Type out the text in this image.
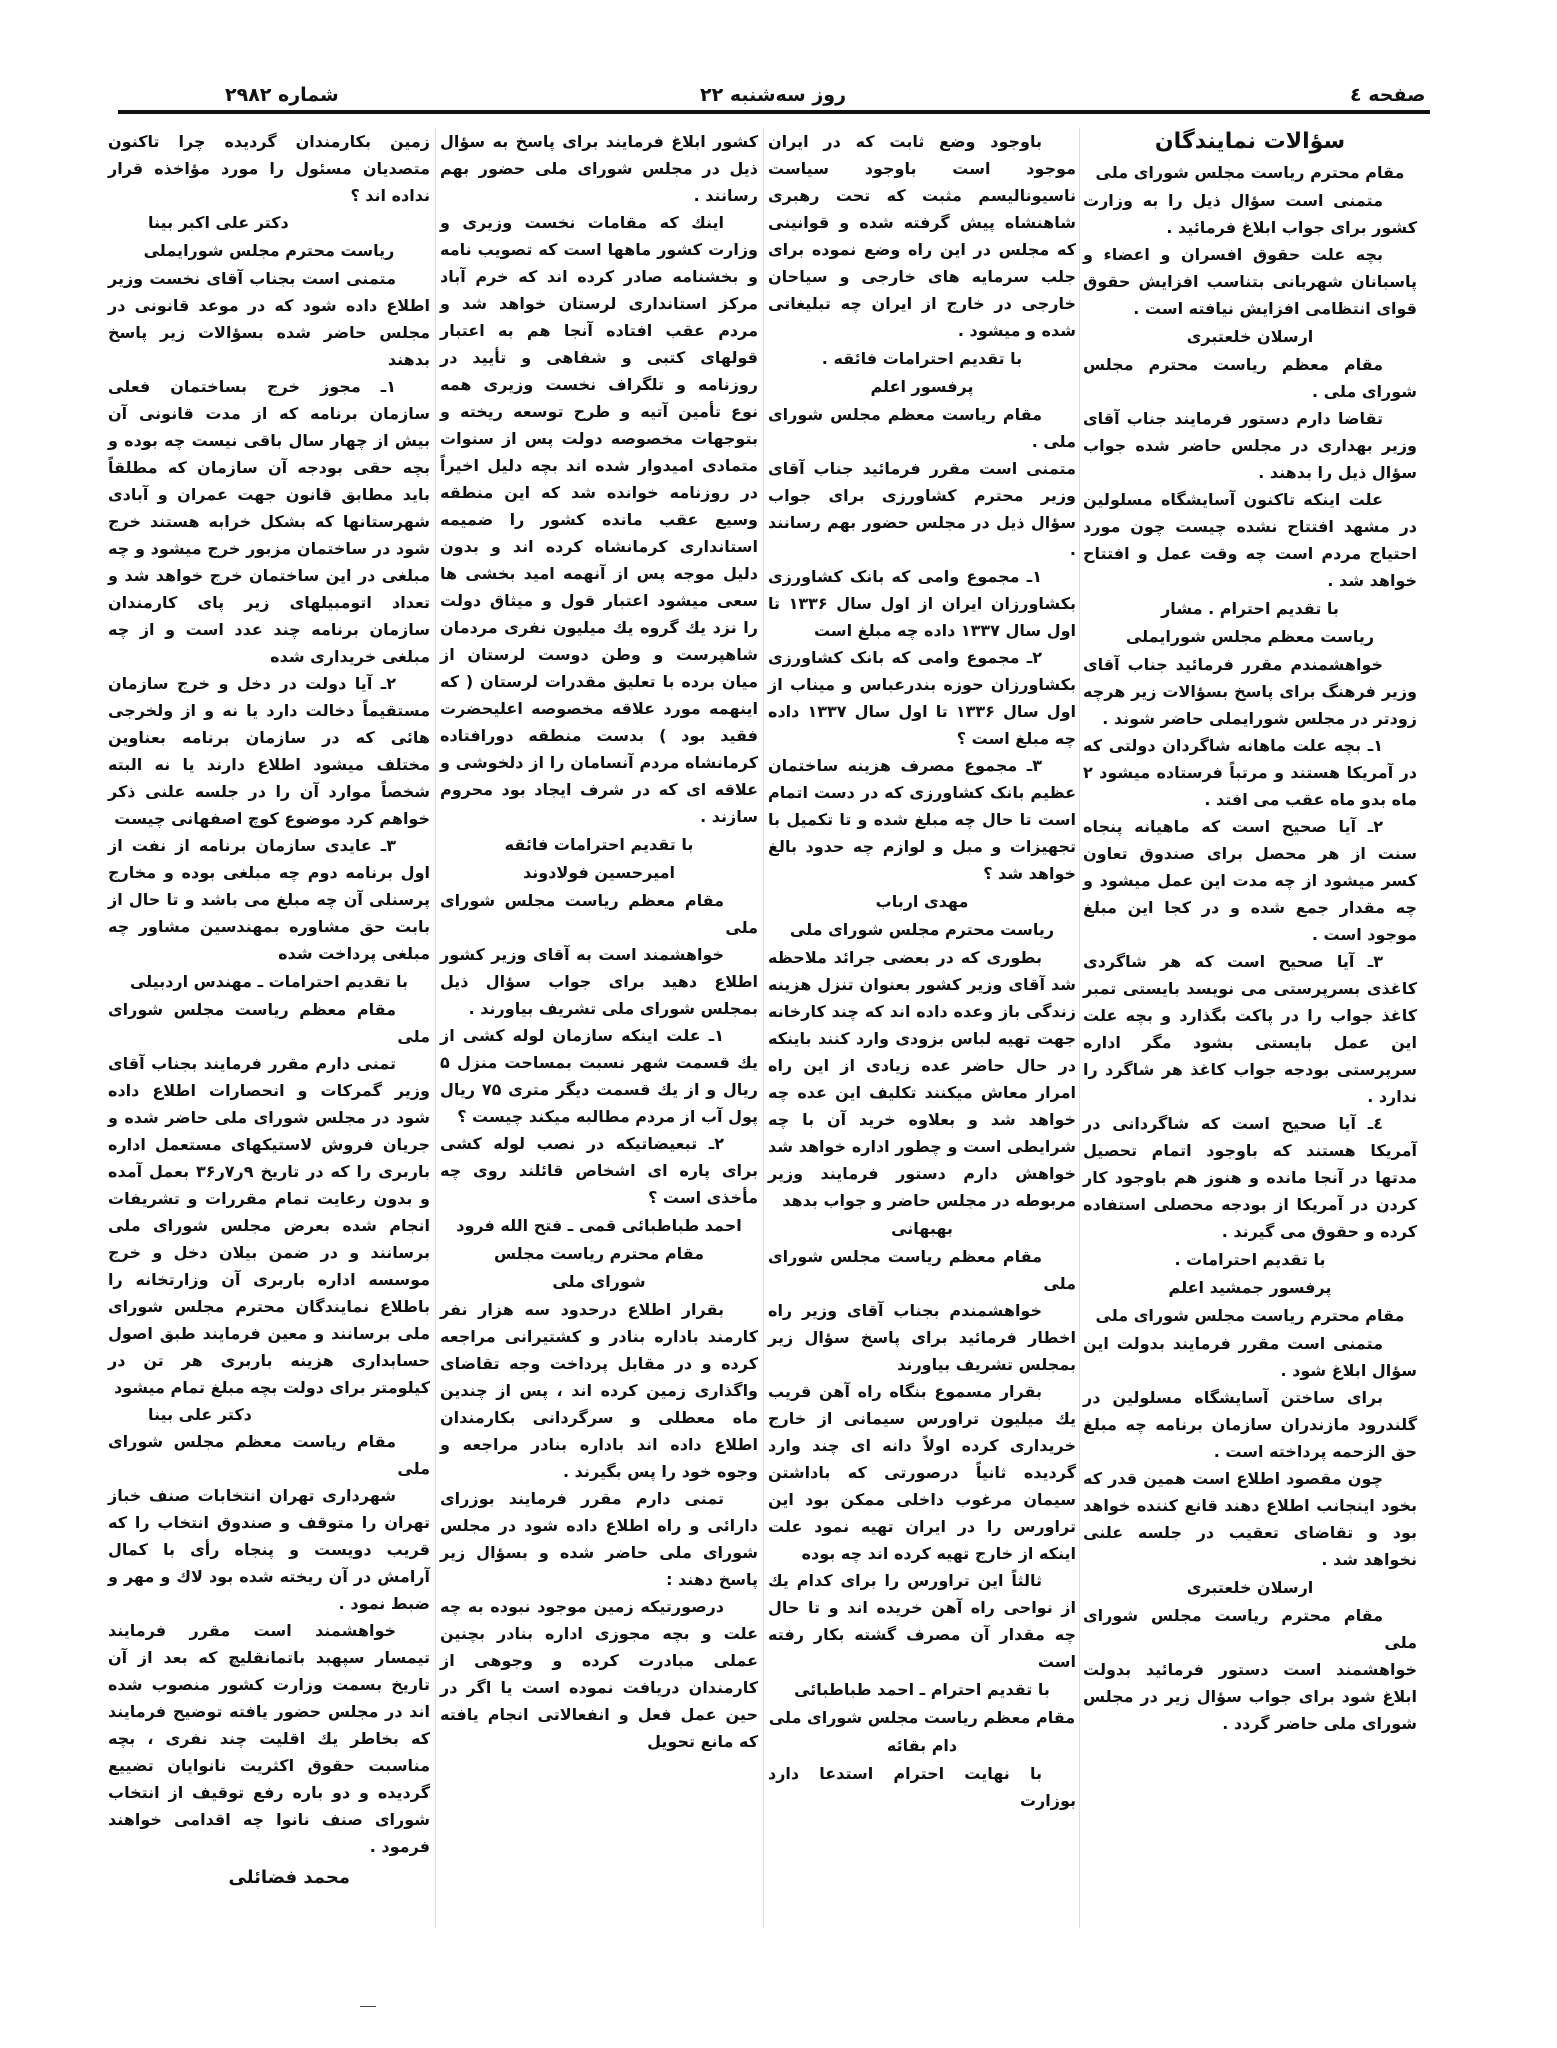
صفحه ٤
روز سه‌شنبه ۲۲
شماره ۲۹۸۲

سؤالات نمایندگان

مقام محترم ریاست مجلس شورای ملی

متمنی است سؤال ذیل را به وزارت کشور برای جواب ابلاغ فرمائید .

بچه علت حقوق افسران و اعضاء و پاسبانان شهربانی بتناسب افزایش حقوق قوای انتظامی افزایش نیافته است .

ارسلان خلعتبری

مقام معظم ریاست محترم مجلس شورای ملی .

تقاضا دارم دستور فرمایند جناب آقای وزیر بهداری در مجلس حاضر شده جواب سؤال ذیل را بدهند .

علت اینکه تاکنون آسایشگاه مسلولین در مشهد افتتاح نشده چیست چون مورد احتیاج مردم است چه وقت عمل و افتتاح خواهد شد .

با تقدیم احترام . مشار

ریاست معظم مجلس شورایملی

خواهشمندم مقرر فرمائید جناب آقای وزیر فرهنگ برای پاسخ بسؤالات زیر هرچه زودتر در مجلس شورایملی حاضر شوند .

۱ـ بچه علت ماهانه شاگردان دولتی که در آمریکا هستند و مرتباً فرستاده میشود ۲ ماه بدو ماه عقب می افتد .

۲ـ آیا صحیح است که ماهیانه پنجاه سنت از هر محصل برای صندوق تعاون کسر میشود از چه مدت این عمل میشود و چه مقدار جمع شده و در کجا این مبلغ موجود است .

۳ـ آیا صحیح است که هر شاگردی کاغذی بسرپرستی می نویسد بایستی تمبر کاغذ جواب را در پاکت بگذارد و بچه علت این عمل بایستی بشود مگر اداره سرپرستی بودجه جواب کاغذ هر شاگرد را ندارد .

٤ـ آیا صحیح است که شاگردانی در آمریکا هستند که باوجود اتمام تحصیل مدتها در آنجا مانده و هنوز هم باوجود کار کردن در آمریکا از بودجه محصلی استفاده کرده و حقوق می گیرند .

با تقدیم احترامات .

پرفسور جمشید اعلم

مقام محترم ریاست مجلس شورای ملی

متمنی است مقرر فرمایند بدولت این سؤال ابلاغ شود .

برای ساختن آسایشگاه مسلولین در گلندرود مازندران سازمان برنامه چه مبلغ حق الزحمه پرداخته است .

چون مقصود اطلاع است همین قدر که بخود اینجانب اطلاع دهند قانع کننده خواهد بود و تقاضای تعقیب در جلسه علنی نخواهد شد .

ارسلان خلعتبری

مقام محترم ریاست مجلس شورای ملی

خواهشمند است دستور فرمائید بدولت ابلاغ شود برای جواب سؤال زیر در مجلس شورای ملی حاضر گردد .

باوجود وضع ثابت که در ایران موجود است باوجود سیاست ناسیونالیسم مثبت که تحت رهبری شاهنشاه پیش گرفته شده و قوانینی که مجلس در این راه وضع نموده برای جلب سرمایه های خارجی و سیاحان خارجی در خارج از ایران چه تبلیغاتی شده و میشود .

با تقدیم احترامات فائقه .

پرفسور اعلم

مقام ریاست معظم مجلس شورای ملی .

متمنی است مقرر فرمائید جناب آقای وزیر محترم کشاورزی برای جواب سؤال ذیل در مجلس حضور بهم رسانند .

۱ـ مجموع وامی که بانک کشاورزی بکشاورزان ایران از اول سال ۱۳۳۶ تا اول سال ۱۳۳۷ داده چه مبلغ است

۲ـ مجموع وامی که بانک کشاورزی بکشاورزان حوزه بندرعباس و میناب از اول سال ۱۳۳۶ تا اول سال ۱۳۳۷ داده چه مبلغ است ؟

۳ـ مجموع مصرف هزینه ساختمان عظیم بانک کشاورزی که در دست اتمام است تا حال چه مبلغ شده و تا تکمیل با تجهیزات و مبل و لوازم چه حدود بالغ خواهد شد ؟

مهدی ارباب

ریاست محترم مجلس شورای ملی

بطوری که در بعضی جرائد ملاحظه شد آقای وزیر کشور بعنوان تنزل هزینه زندگی باز وعده داده اند که چند کارخانه جهت تهیه لباس بزودی وارد کنند باینکه در حال حاضر عده زیادی از این راه امرار معاش میکنند تکلیف این عده چه خواهد شد و بعلاوه خرید آن با چه شرایطی است و چطور اداره خواهد شد خواهش دارم دستور فرمایند وزیر مربوطه در مجلس حاضر و جواب بدهد

بهبهانی

مقام معظم ریاست مجلس شورای ملی

خواهشمندم بجناب آقای وزیر راه اخطار فرمائید برای پاسخ سؤال زیر بمجلس تشریف بیاورند

بقرار مسموع بنگاه راه آهن قریب یك میلیون تراورس سیمانی از خارج خریداری کرده اولاً دانه ای چند وارد گردیده ثانیاً درصورتی که باداشتن سیمان مرغوب داخلی ممکن بود این تراورس را در ایران تهیه نمود علت اینکه از خارج تهیه کرده اند چه بوده

ثالثاً این تراورس را برای کدام یك از نواحی راه آهن خریده اند و تا حال چه مقدار آن مصرف گشته بکار رفته است

با تقدیم احترام ـ احمد طباطبائی

مقام معظم ریاست مجلس شورای ملی

دام بقائه

با نهایت احترام استدعا دارد بوزارت

کشور ابلاغ فرمایند برای پاسخ به سؤال ذیل در مجلس شورای ملی حضور بهم رسانند .

اینك که مقامات نخست وزیری و وزارت کشور ماهها است که تصویب نامه و بخشنامه صادر کرده اند که خرم آباد مرکز استانداری لرستان خواهد شد و مردم عقب افتاده آنجا هم به اعتبار قولهای کتبی و شفاهی و تأیید در روزنامه و تلگراف نخست وزیری همه نوع تأمین آتیه و طرح توسعه ریخته و بتوجهات مخصوصه دولت پس از سنوات متمادی امیدوار شده اند بچه دلیل اخیراً در روزنامه خوانده شد که این منطقه وسیع عقب مانده کشور را ضمیمه استانداری کرمانشاه کرده اند و بدون دلیل موجه پس از آنهمه امید بخشی ها سعی میشود اعتبار قول و میثاق دولت را نزد یك گروه یك میلیون نفری مردمان شاهپرست و وطن دوست لرستان از میان برده با تعلیق مقدرات لرستان ( که اینهمه مورد علاقه مخصوصه اعلیحضرت فقید بود ) بدست منطقه دورافتاده کرمانشاه مردم آنسامان را از دلخوشی و علاقه ای که در شرف ایجاد بود محروم سازند .

با تقدیم احترامات فائقه

امیرحسین فولادوند

مقام معظم ریاست مجلس شورای ملی

خواهشمند است به آقای وزیر کشور اطلاع دهید برای جواب سؤال ذیل بمجلس شورای ملی تشریف بیاورند .

۱ـ علت اینکه سازمان لوله کشی از یك قسمت شهر نسبت بمساحت منزل ۵ ریال و از یك قسمت دیگر متری ۷۵ ریال پول آب از مردم مطالبه میکند چیست ؟

۲ـ تبعیضاتیکه در نصب لوله کشی برای پاره ای اشخاص قائلند روی چه مأخذی است ؟

احمد طباطبائی قمی ـ فتح الله فرود

مقام محترم ریاست مجلس

شورای ملی

بقرار اطلاع درحدود سه هزار نفر کارمند باداره بنادر و کشتیرانی مراجعه کرده و در مقابل پرداخت وجه تقاضای واگذاری زمین کرده اند ، پس از چندین ماه معطلی و سرگردانی بکارمندان اطلاع داده اند باداره بنادر مراجعه و وجوه خود را پس بگیرند .

تمنی دارم مقرر فرمایند بوزرای دارائی و راه اطلاع داده شود در مجلس شورای ملی حاضر شده و بسؤال زیر پاسخ دهند :

درصورتیکه زمین موجود نبوده به چه علت و بچه مجوزی اداره بنادر بچنین عملی مبادرت کرده و وجوهی از کارمندان دریافت نموده است یا اگر در حین عمل فعل و انفعالاتی انجام یافته که مانع تحویل

زمین بکارمندان گردیده چرا تاکنون متصدیان مسئول را مورد مؤاخذه قرار نداده اند ؟

دکتر علی اکبر بینا

ریاست محترم مجلس شورایملی

متمنی است بجناب آقای نخست وزیر اطلاع داده شود که در موعد قانونی در مجلس حاضر شده بسؤالات زیر پاسخ بدهند

۱ـ مجوز خرج بساختمان فعلی سازمان برنامه که از مدت قانونی آن بیش از چهار سال باقی نیست چه بوده و بچه حقی بودجه آن سازمان که مطلقاً باید مطابق قانون جهت عمران و آبادی شهرستانها که بشکل خرابه هستند خرج شود در ساختمان مزبور خرج میشود و چه مبلغی در این ساختمان خرج خواهد شد و تعداد اتومبیلهای زیر پای کارمندان سازمان برنامه چند عدد است و از چه مبلغی خریداری شده

۲ـ آیا دولت در دخل و خرج سازمان مستقیماً دخالت دارد یا نه و از ولخرجی هائی که در سازمان برنامه بعناوین مختلف میشود اطلاع دارند یا نه البته شخصاً موارد آن را در جلسه علنی ذکر خواهم کرد موضوع کوچ اصفهانی چیست

۳ـ عایدی سازمان برنامه از نفت از اول برنامه دوم چه مبلغی بوده و مخارج پرسنلی آن چه مبلغ می باشد و تا حال از بابت حق مشاوره بمهندسین مشاور چه مبلغی پرداخت شده

با تقدیم احترامات ـ مهندس اردبیلی

مقام معظم ریاست مجلس شورای ملی

تمنی دارم مقرر فرمایند بجناب آقای وزیر گمرکات و انحصارات اطلاع داده شود در مجلس شورای ملی حاضر شده و جریان فروش لاستیکهای مستعمل اداره باربری را که در تاریخ ۹ر۷ر۳۶ بعمل آمده و بدون رعایت تمام مقررات و تشریفات انجام شده بعرض مجلس شورای ملی برسانند و در ضمن بیلان دخل و خرج موسسه اداره باربری آن وزارتخانه را باطلاع نمایندگان محترم مجلس شورای ملی برسانند و معین فرمایند طبق اصول حسابداری هزینه باربری هر تن در کیلومتر برای دولت بچه مبلغ تمام میشود

دکتر علی بینا

مقام ریاست معظم مجلس شورای ملی

شهرداری تهران انتخابات صنف خباز تهران را متوقف و صندوق انتخاب را که قریب دویست و پنجاه رأی با کمال آرامش در آن ریخته شده بود لاك و مهر و ضبط نمود .

خواهشمند است مقرر فرمایند تیمسار سپهبد باتمانقلیچ که بعد از آن تاریخ بسمت وزارت کشور منصوب شده اند در مجلس حضور یافته توضیح فرمایند که بخاطر یك اقلیت چند نفری ، بچه مناسبت حقوق اکثریت نانوایان تضییع گردیده و دو باره رفع توقیف از انتخاب شورای صنف نانوا چه اقدامی خواهند فرمود .

محمد فضائلی
